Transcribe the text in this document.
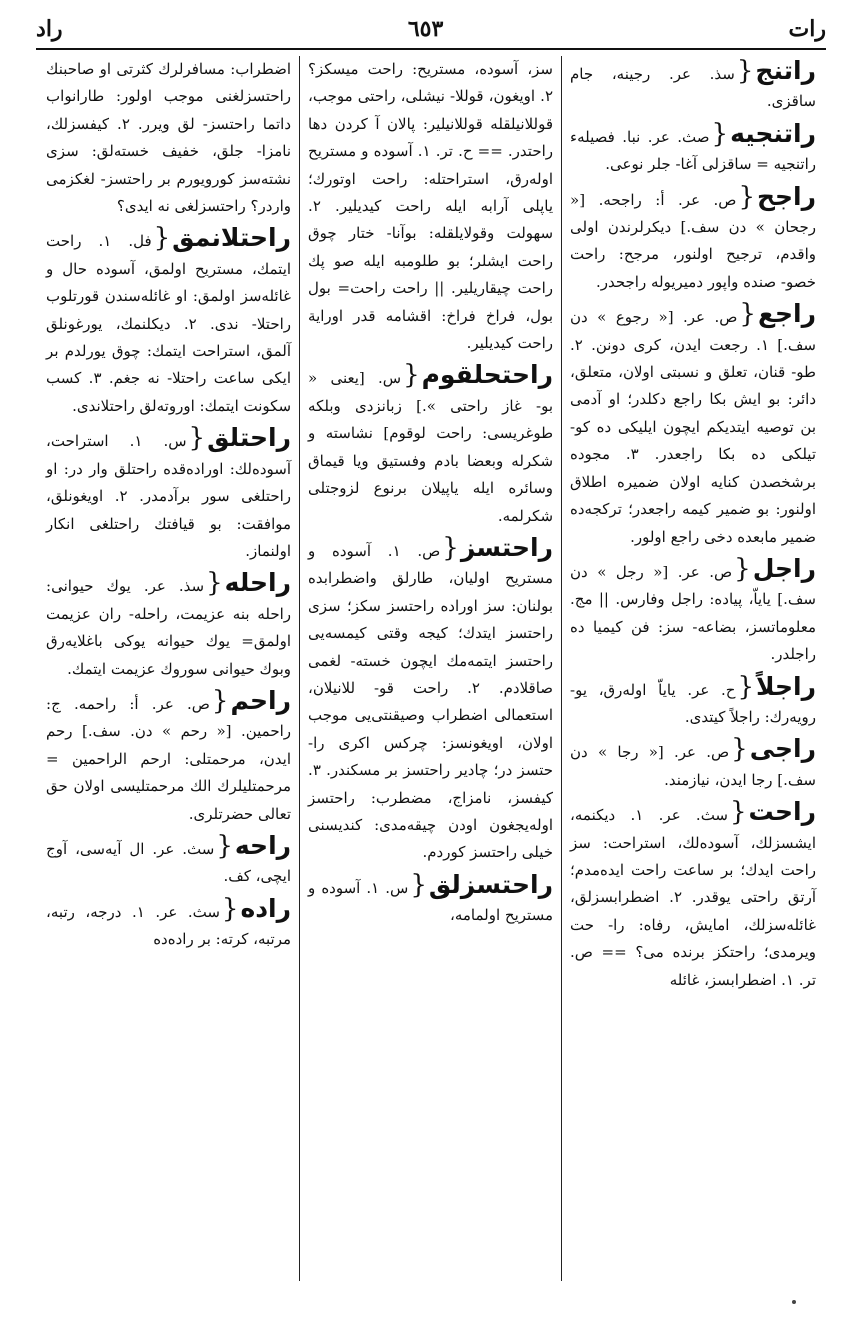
رات
٦٥٣
راد
راتنج{سذ. عر. رجينه، جام ساقزى.
راتنجيه{صث. عر. نبا. فصيله‌ء راتنجيه = ساقزلى آغا- جلر نوعى.
راجح{ص. عر. أ: راجحه. [« رجحان » دن سف.] ديكرلرندن اولى واقدم، ترجيح اولنور، مرجح: راحت خصو- صنده واپور دميريوله راجحدر.
راجع{ص. عر. [« رجوع » دن سف.] ١. رجعت ايدن، كرى دونن. ٢. طو- قنان، تعلق و نسبتى اولان، متعلق، دائر: بو ايش بكا راجع دكلدر؛ او آدمى بن توصيه ايتديكم ايچون ايليكى ده كو- تيلكى ده بكا راجعدر. ٣. مجوده برشخصدن كنايه اولان ضميره اطلاق اولنور: بو ضمير كيمه راجعدر؛ تركجه‌ده ضمير مابعده دخى راجع اولور.
راجل{ص. عر. [« رجل » دن سف.] ياياّ، پياده: راجل وفارس. || مج. معلوماتسز، بضاعه- سز: فن كيميا ده راجلدر.
راجلاً{ح. عر. ياياّ اوله‌رق، يو- رويه‌رك: راجلاً كيتدى.
راجى{ص. عر. [« رجا » دن سف.] رجا ايدن، نيازمند.
راحت{سث. عر. ١. ديكنمه، ايشسزلك، آسوده‌لك، استراحت: سز راحت ايدك؛ بر ساعت راحت ايده‌مدم؛ آرتق راحتى يوقدر. ٢. اضطرابسزلق، غائله‌سزلك، امايش، رفاه: را- حت ويرمدى؛ راحتكز برنده مى؟ == ص. تر. ١. اضطرابسز، غائله
سز، آسوده، مستريح: راحت ميسكز؟ ٢. اويغون، قوللا- نيشلى، راحتى موجب، قوللانيلقله قوللانيلير: پالان آ كردن دها راحتدر. == ح. تر. ١. آسوده و مستريح اوله‌رق، استراحتله: راحت اوتورك؛ ياپلى آرابه ايله راحت كيديلير. ٢. سهولت وقولايلقله: بوآنا- ختار چوق راحت ايشلر؛ بو طلومبه ايله صو پك راحت چيقاريلير. || راحت راحت= بول بول، فراخ فراخ: اقشامه قدر اوراية راحت كيديلير.
راحتحلقوم{س. [يعنى « بو- غاز راحتى ».] زبانزدى وبلكه طوغريسى: راحت لوقوم] نشاسته و شكرله وبعضا بادم وفستيق ويا قيماق وسائره ايله ياپيلان برنوع لزوجتلى شكرلمه.
راحتسز{ص. ١. آسوده و مستريح اوليان، طارلق واضطرابده بولنان: سز اوراده راحتسز سكز؛ سزى راحتسز ايتدك؛ كيجه وقتى كيمسه‌يى راحتسز ايتمه‌مك ايچون خسته- لغمى صاقلادم. ٢. راحت قو- للانيلان، استعمالى اضطراب وصيقنتى‌يى موجب اولان، اويغونسز: چركس اكرى را- حتسز در؛ چادير راحتسز بر مسكندر. ٣. كيفسز، نامزاج، مضطرب: راحتسز اوله‌يجغون اودن چيقه‌مدى: كنديسنى خيلى راحتسز كوردم.
راحتسزلق{س. ١. آسوده و مستريح اولمامه،
اضطراب: مسافرلرك كثرتى او صاحبنك راحتسزلغنى موجب اولور: طارانواب داتما راحتسز- لق ويرر. ٢. كيفسزلك، نامزا- جلق، خفيف خسته‌لق: سزى نشته‌سز كورويورم بر راحتسز- لغكزمى واردر؟ راحتسزلغى نه ايدى؟
راحتلانمق{فل. ١. راحت ايتمك، مستريح اولمق، آسوده حال و غائله‌سز اولمق: او غائله‌سندن قورتلوب راحتلا- ندى. ٢. ديكلنمك، يورغونلق آلمق، استراحت ايتمك: چوق يورلدم بر ايكى ساعت راحتلا- نه جغم. ٣. كسب سكونت ايتمك: اوروته‌لق راحتلاندى.
راحتلق{س. ١. استراحت، آسوده‌لك: اوراده‌قده راحتلق وار در: او راحتلغى سور برآدمدر. ٢. اويغونلق، موافقت: بو قيافتك راحتلغى انكار اولنماز.
راحله{سذ. عر. يوك حيوانى: راحله بنه عزيمت، راحله- ران عزيمت اولمق= يوك حيوانه يوكى باغلايه‌رق وبوك حيوانى سوروك عزيمت ايتمك.
راحم{ص. عر. أ: راحمه. ج: راحمين. [« رحم » دن. سف.] رحم ايدن، مرحمتلى: ارحم الراحمين = مرحمتليلرك الك مرحمتليسى اولان حق تعالى حضرتلرى.
راحه{سث. عر. ال آيه‌سى، آوج ايچى، كف.
راده{سث. عر. ١. درجه، رتبه، مرتبه، كرته: بر راده‌ده
